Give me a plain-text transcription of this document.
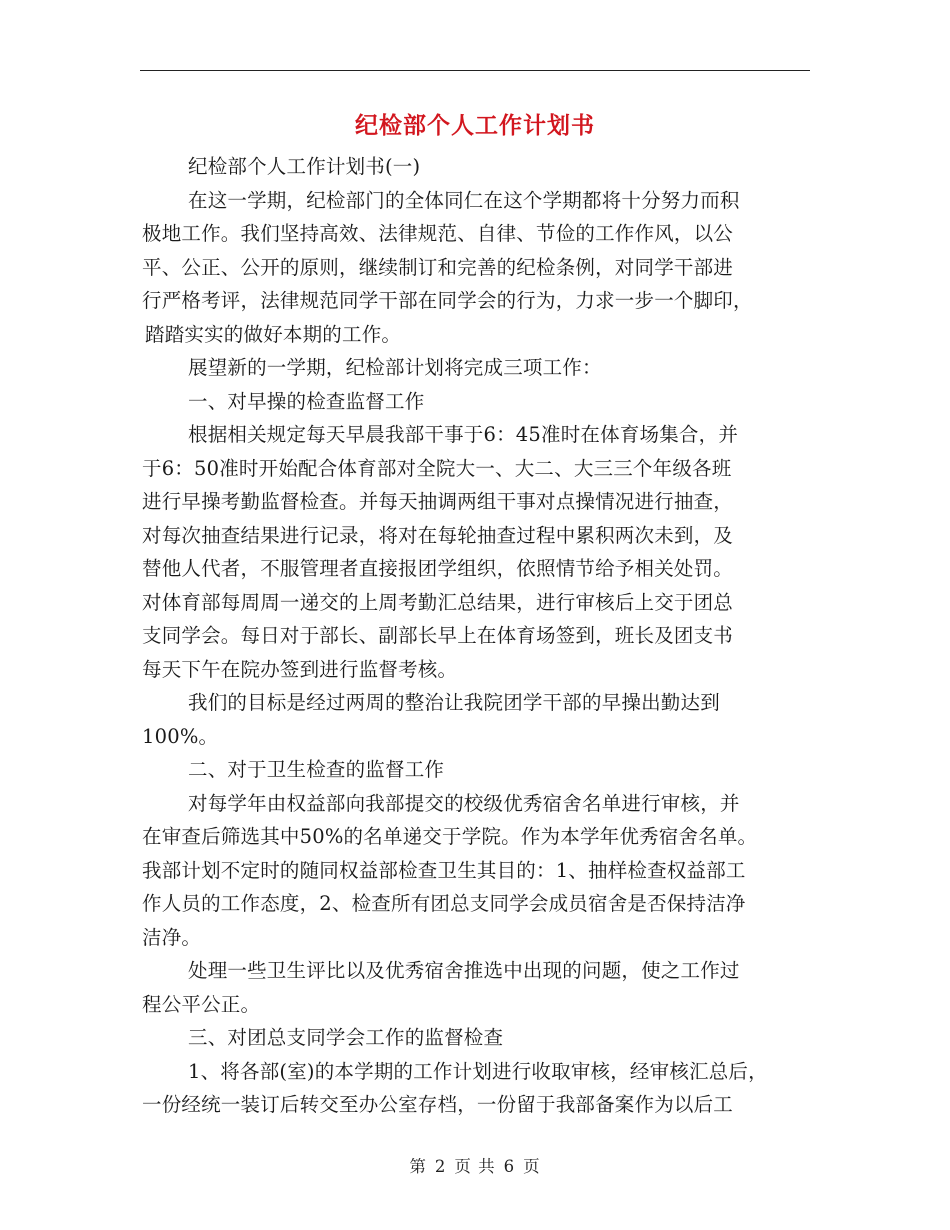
纪检部个人工作计划书
纪检部个人工作计划书(一)
在这一学期，纪检部门的全体同仁在这个学期都将十分努力而积
极地工作。我们坚持高效、法律规范、自律、节俭的工作作风，以公
平、公正、公开的原则，继续制订和完善的纪检条例，对同学干部进
行严格考评，法律规范同学干部在同学会的行为，力求一步一个脚印，
踏踏实实的做好本期的工作。
展望新的一学期，纪检部计划将完成三项工作：
一、对早操的检查监督工作
根据相关规定每天早晨我部干事于6：45准时在体育场集合，并
于6：50准时开始配合体育部对全院大一、大二、大三三个年级各班
进行早操考勤监督检查。并每天抽调两组干事对点操情况进行抽查，
对每次抽查结果进行记录，将对在每轮抽查过程中累积两次未到，及
替他人代者，不服管理者直接报团学组织，依照情节给予相关处罚。
对体育部每周周一递交的上周考勤汇总结果，进行审核后上交于团总
支同学会。每日对于部长、副部长早上在体育场签到，班长及团支书
每天下午在院办签到进行监督考核。
我们的目标是经过两周的整治让我院团学干部的早操出勤达到
100%。
二、对于卫生检查的监督工作
对每学年由权益部向我部提交的校级优秀宿舍名单进行审核，并
在审查后筛选其中50%的名单递交于学院。作为本学年优秀宿舍名单。
我部计划不定时的随同权益部检查卫生其目的：1、抽样检查权益部工
作人员的工作态度，2、检查所有团总支同学会成员宿舍是否保持洁净
洁净。
处理一些卫生评比以及优秀宿舍推选中出现的问题，使之工作过
程公平公正。
三、对团总支同学会工作的监督检查
1、将各部(室)的本学期的工作计划进行收取审核，经审核汇总后，
一份经统一装订后转交至办公室存档，一份留于我部备案作为以后工
第 2 页 共 6 页
